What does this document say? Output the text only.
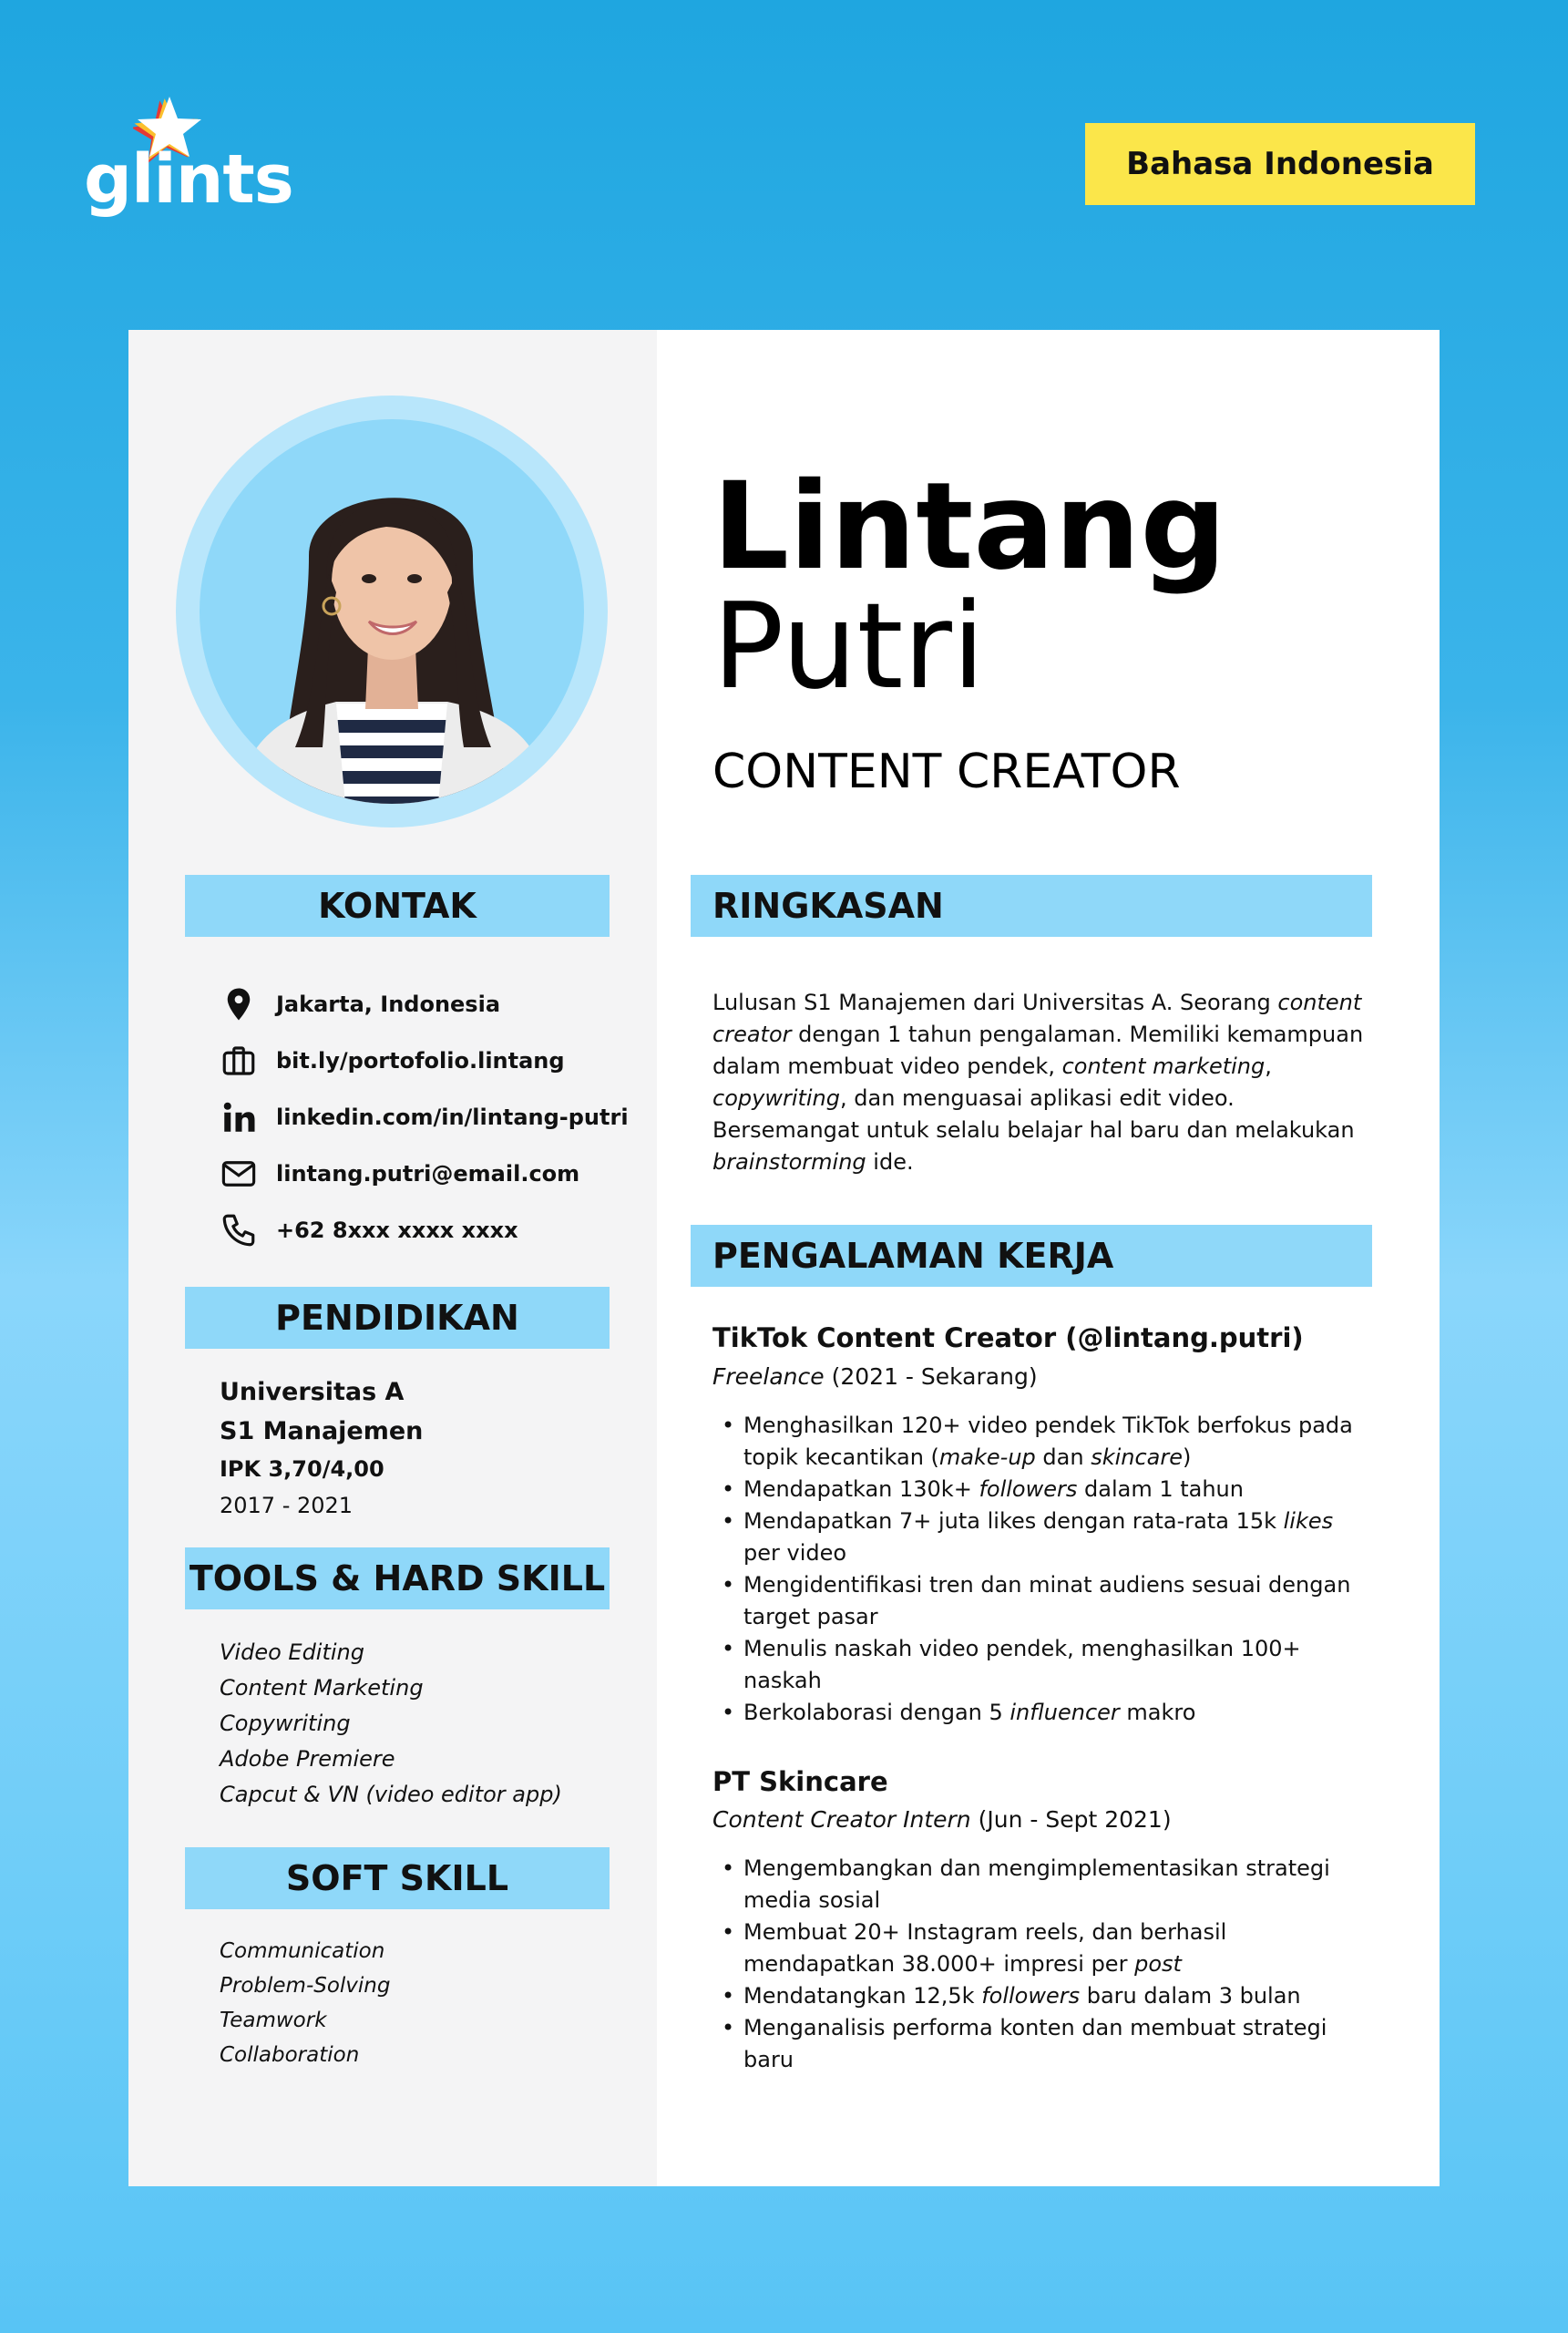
glints	Bahasa Indonesia
KONTAK
Jakarta, Indonesia
bit.ly/portofolio.lintang
linkedin.com/in/lintang-putri
lintang.putri@email.com
+62 8xxx xxxx xxxx
PENDIDIKAN
Universitas A
S1 Manajemen
IPK 3,70/4,00
2017 - 2021
TOOLS & HARD SKILL
Video Editing
Content Marketing
Copywriting
Adobe Premiere
Capcut & VN (video editor app)
SOFT SKILL
Communication
Problem-Solving
Teamwork
Collaboration
Lintang
Putri
CONTENT CREATOR
RINGKASAN
Lulusan S1 Manajemen dari Universitas A. Seorang content creator dengan 1 tahun pengalaman. Memiliki kemampuan dalam membuat video pendek, content marketing, copywriting, dan menguasai aplikasi edit video. Bersemangat untuk selalu belajar hal baru dan melakukan brainstorming ide.
PENGALAMAN KERJA
TikTok Content Creator (@lintang.putri)
Freelance (2021 - Sekarang)
• Menghasilkan 120+ video pendek TikTok berfokus pada topik kecantikan (make-up dan skincare)
• Mendapatkan 130k+ followers dalam 1 tahun
• Mendapatkan 7+ juta likes dengan rata-rata 15k likes per video
• Mengidentifikasi tren dan minat audiens sesuai dengan target pasar
• Menulis naskah video pendek, menghasilkan 100+ naskah
• Berkolaborasi dengan 5 influencer makro
PT Skincare
Content Creator Intern (Jun - Sept 2021)
• Mengembangkan dan mengimplementasikan strategi media sosial
• Membuat 20+ Instagram reels, dan berhasil mendapatkan 38.000+ impresi per post
• Mendatangkan 12,5k followers baru dalam 3 bulan
• Menganalisis performa konten dan membuat strategi baru
